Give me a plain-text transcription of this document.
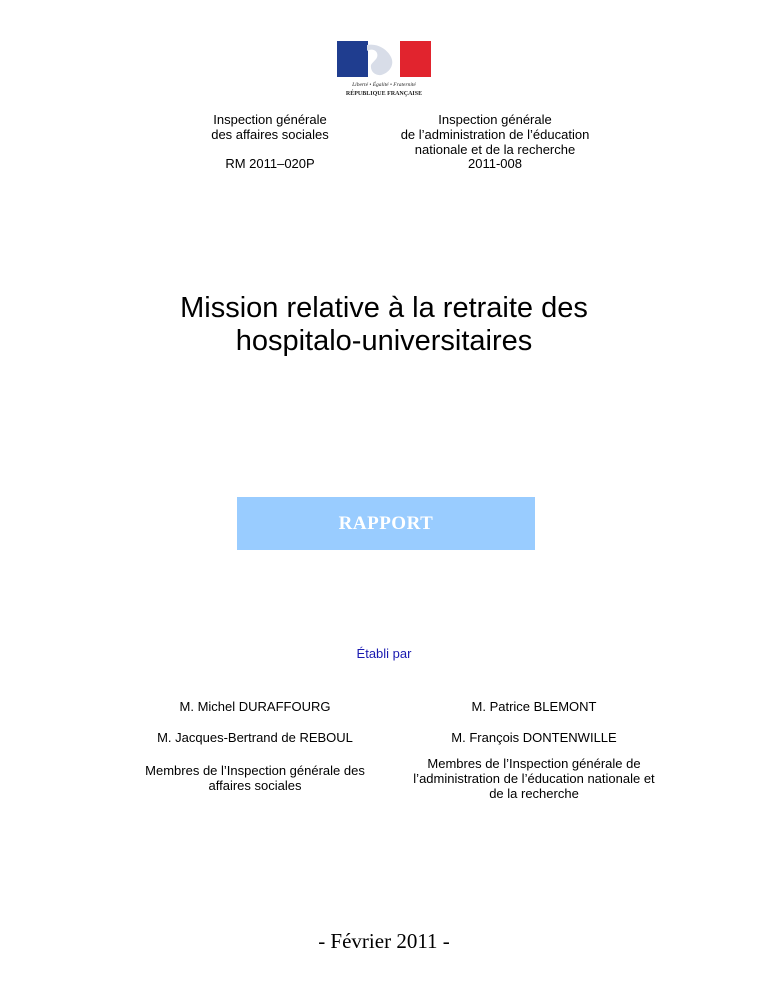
Liberté • Égalité • Fraternité
RÉPUBLIQUE FRANÇAISE
Inspection générale
des affaires sociales
RM 2011–020P
Inspection générale
de l’administration de l’éducation
nationale et de la recherche
2011-008
Mission relative à la retraite des
hospitalo-universitaires
RAPPORT
Établi par
M. Michel DURAFFOURG	M. Patrice BLEMONT
M. Jacques-Bertrand de REBOUL	M. François DONTENWILLE
Membres de l’Inspection générale des
affaires sociales
Membres de l’Inspection générale de
l’administration de l’éducation nationale et
de la recherche
- Février 2011 -
